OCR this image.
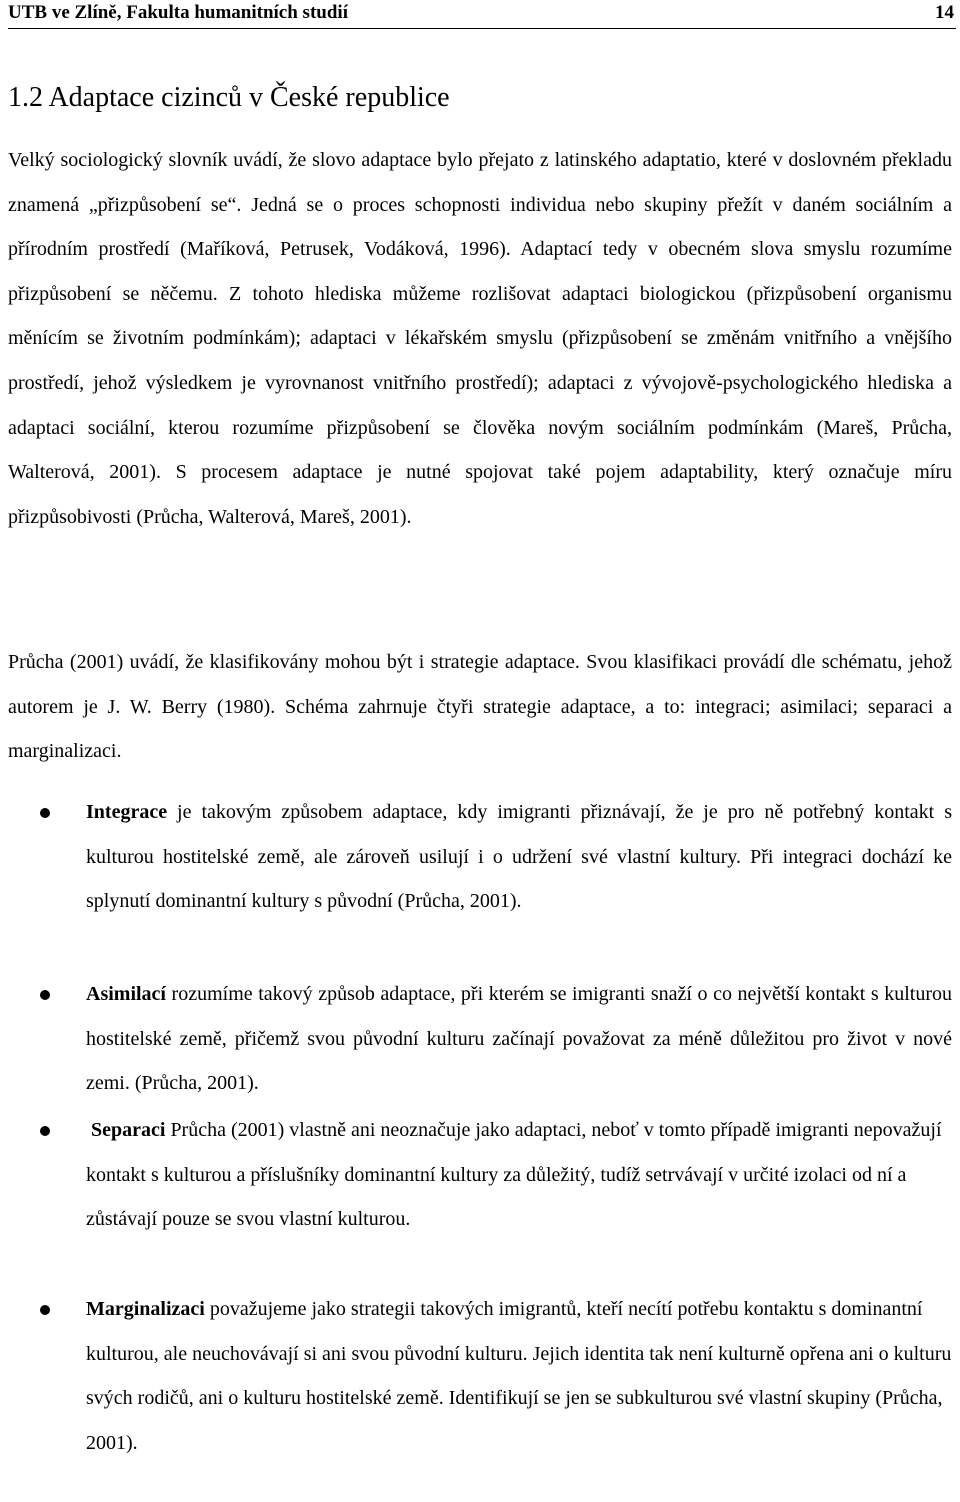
UTB ve Zlíně, Fakulta humanitních studií	14
1.2 Adaptace cizinců v České republice

Velký sociologický slovník uvádí, že slovo adaptace bylo přejato z latinského adaptatio, které v doslovném překladu znamená „přizpůsobení se“. Jedná se o proces schopnosti individua nebo skupiny přežít v daném sociálním a přírodním prostředí (Maříková, Petrusek, Vodáková, 1996). Adaptací tedy v obecném slova smyslu rozumíme přizpůsobení se něčemu. Z tohoto hlediska můžeme rozlišovat adaptaci biologickou (přizpůsobení organismu měnícím se životním podmínkám); adaptaci v lékařském smyslu (přizpůsobení se změnám vnitřního a vnějšího prostředí, jehož výsledkem je vyrovnanost vnitřního prostředí); adaptaci z vývojově-psychologického hlediska a adaptaci sociální, kterou rozumíme přizpůsobení se člověka novým sociálním podmínkám (Mareš, Průcha, Walterová, 2001). S procesem adaptace je nutné spojovat také pojem adaptability, který označuje míru přizpůsobivosti (Průcha, Walterová, Mareš, 2001).

Průcha (2001) uvádí, že klasifikovány mohou být i strategie adaptace. Svou klasifikaci provádí dle schématu, jehož autorem je J. W. Berry (1980). Schéma zahrnuje čtyři strategie adaptace, a to: integraci; asimilaci; separaci a marginalizaci.

Integrace je takovým způsobem adaptace, kdy imigranti přiznávají, že je pro ně potřebný kontakt s kulturou hostitelské země, ale zároveň usilují i o udržení své vlastní kultury. Při integraci dochází ke splynutí dominantní kultury s původní (Průcha, 2001).

Asimilací rozumíme takový způsob adaptace, při kterém se imigranti snaží o co největší kontakt s kulturou hostitelské země, přičemž svou původní kulturu začínají považovat za méně důležitou pro život v nové zemi. (Průcha, 2001).

Separaci Průcha (2001) vlastně ani neoznačuje jako adaptaci, neboť v tomto případě imigranti nepovažují kontakt s kulturou a příslušníky dominantní kultury za důležitý, tudíž setrvávají v určité izolaci od ní a zůstávají pouze se svou vlastní kulturou.

Marginalizaci považujeme jako strategii takových imigrantů, kteří necítí potřebu kontaktu s dominantní kulturou, ale neuchovávají si ani svou původní kulturu. Jejich identita tak není kulturně opřena ani o kulturu svých rodičů, ani o kulturu hostitelské země. Identifikují se jen se subkulturou své vlastní skupiny (Průcha, 2001).
